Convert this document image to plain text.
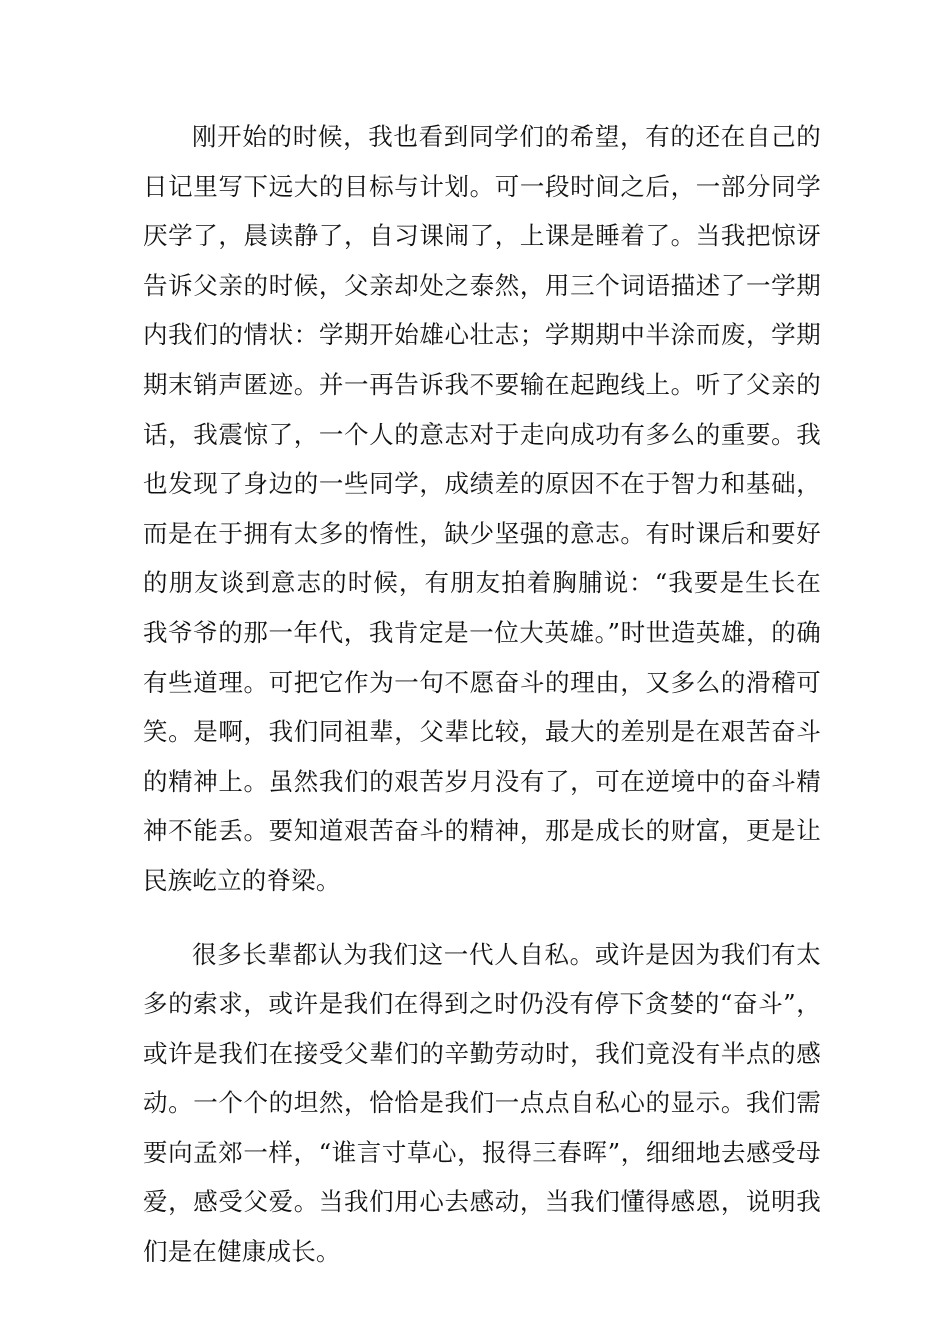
刚开始的时候，我也看到同学们的希望，有的还在自己的日记里写下远大的目标与计划。可一段时间之后，一部分同学厌学了，晨读静了，自习课闹了，上课是睡着了。当我把惊讶告诉父亲的时候，父亲却处之泰然，用三个词语描述了一学期内我们的情状：学期开始雄心壮志；学期期中半涂而废，学期期末销声匿迹。并一再告诉我不要输在起跑线上。听了父亲的话，我震惊了，一个人的意志对于走向成功有多么的重要。我也发现了身边的一些同学，成绩差的原因不在于智力和基础，而是在于拥有太多的惰性，缺少坚强的意志。有时课后和要好的朋友谈到意志的时候，有朋友拍着胸脯说：“我要是生长在我爷爷的那一年代，我肯定是一位大英雄。”时世造英雄，的确有些道理。可把它作为一句不愿奋斗的理由，又多么的滑稽可笑。是啊，我们同祖辈，父辈比较，最大的差别是在艰苦奋斗的精神上。虽然我们的艰苦岁月没有了，可在逆境中的奋斗精神不能丢。要知道艰苦奋斗的精神，那是成长的财富，更是让民族屹立的脊梁。

很多长辈都认为我们这一代人自私。或许是因为我们有太多的索求，或许是我们在得到之时仍没有停下贪婪的“奋斗”，或许是我们在接受父辈们的辛勤劳动时，我们竟没有半点的感动。一个个的坦然，恰恰是我们一点点自私心的显示。我们需要向孟郊一样，“谁言寸草心，报得三春晖”，细细地去感受母爱，感受父爱。当我们用心去感动，当我们懂得感恩，说明我们是在健康成长。
